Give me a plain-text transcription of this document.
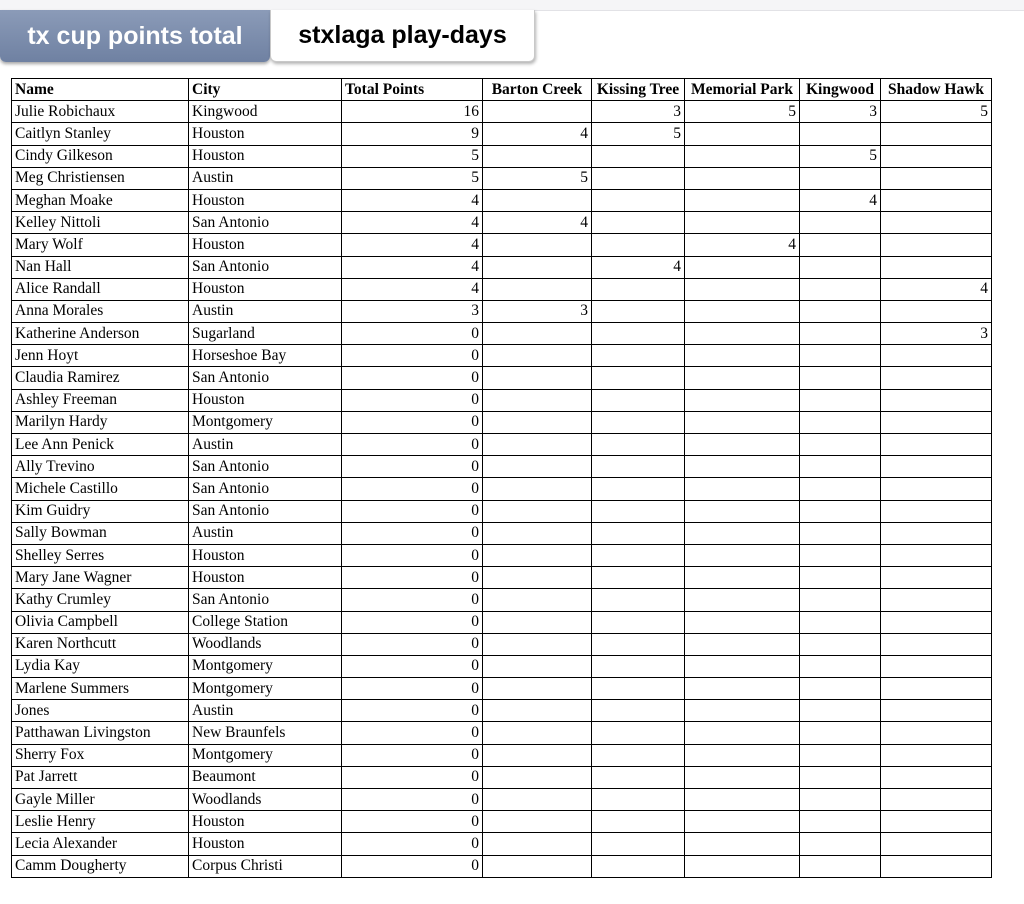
tx cup points total	stxlaga play-days
Name	City	Total Points	Barton Creek	Kissing Tree	Memorial Park	Kingwood	Shadow Hawk
Julie Robichaux	Kingwood	16		3	5	3	5
Caitlyn Stanley	Houston	9	4	5			
Cindy Gilkeson	Houston	5				5	
Meg Christiensen	Austin	5	5				
Meghan Moake	Houston	4				4	
Kelley Nittoli	San Antonio	4	4				
Mary Wolf	Houston	4			4		
Nan Hall	San Antonio	4		4			
Alice Randall	Houston	4					4
Anna Morales	Austin	3	3				
Katherine Anderson	Sugarland	0					3
Jenn Hoyt	Horseshoe Bay	0					
Claudia Ramirez	San Antonio	0					
Ashley Freeman	Houston	0					
Marilyn Hardy	Montgomery	0					
Lee Ann Penick	Austin	0					
Ally Trevino	San Antonio	0					
Michele Castillo	San Antonio	0					
Kim Guidry	San Antonio	0					
Sally Bowman	Austin	0					
Shelley Serres	Houston	0					
Mary Jane Wagner	Houston	0					
Kathy Crumley	San Antonio	0					
Olivia Campbell	College Station	0					
Karen Northcutt	Woodlands	0					
Lydia Kay	Montgomery	0					
Marlene Summers	Montgomery	0					
Jones	Austin	0					
Patthawan Livingston	New Braunfels	0					
Sherry Fox	Montgomery	0					
Pat Jarrett	Beaumont	0					
Gayle Miller	Woodlands	0					
Leslie Henry	Houston	0					
Lecia Alexander	Houston	0					
Camm Dougherty	Corpus Christi	0					
